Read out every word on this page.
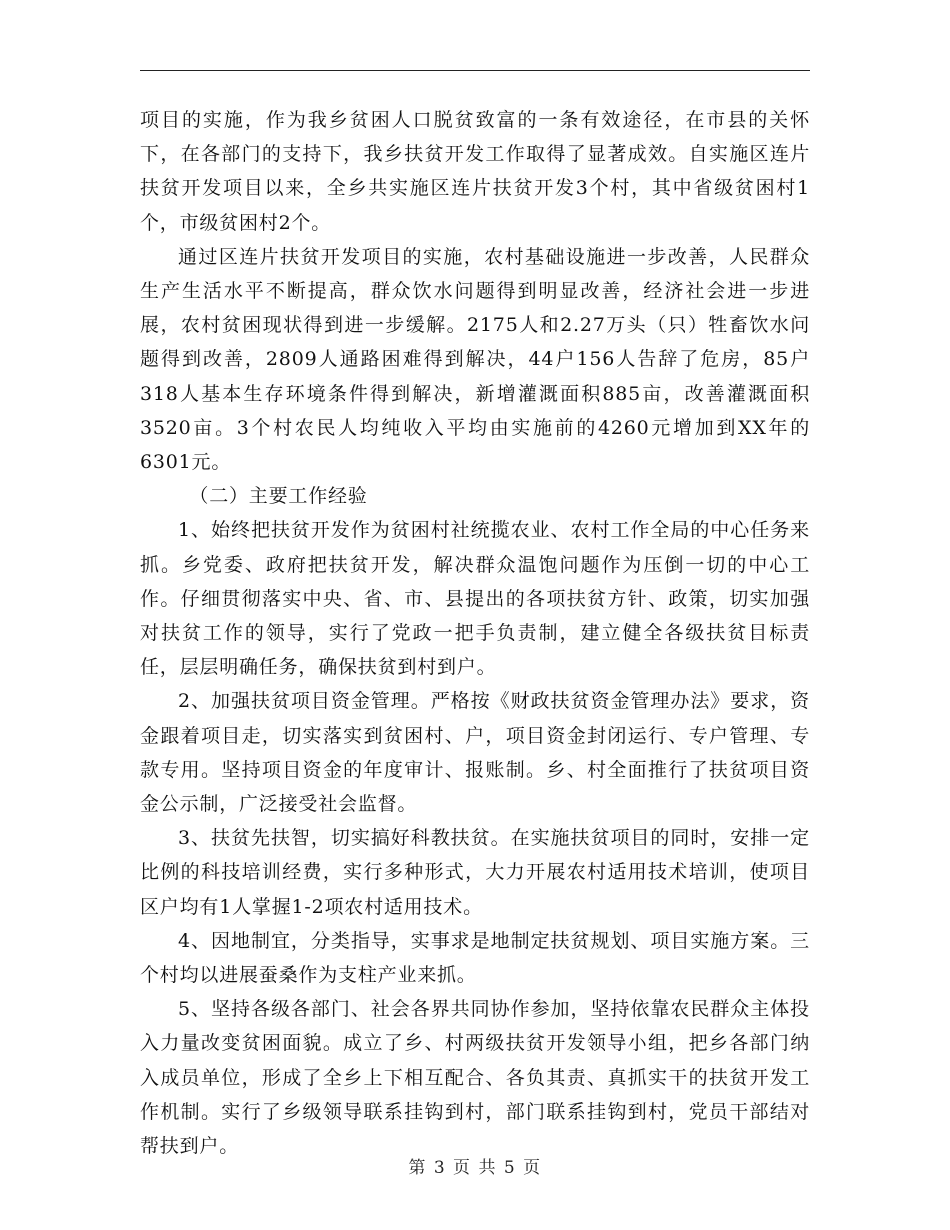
项目的实施，作为我乡贫困人口脱贫致富的一条有效途径，在市县的关怀下，在各部门的支持下，我乡扶贫开发工作取得了显著成效。自实施区连片扶贫开发项目以来，全乡共实施区连片扶贫开发3个村，其中省级贫困村1个，市级贫困村2个。

通过区连片扶贫开发项目的实施，农村基础设施进一步改善，人民群众生产生活水平不断提高，群众饮水问题得到明显改善，经济社会进一步进展，农村贫困现状得到进一步缓解。2175人和2.27万头（只）牲畜饮水问题得到改善，2809人通路困难得到解决，44户156人告辞了危房，85户318人基本生存环境条件得到解决，新增灌溉面积885亩，改善灌溉面积3520亩。3个村农民人均纯收入平均由实施前的4260元增加到XX年的6301元。

（二）主要工作经验

1、始终把扶贫开发作为贫困村社统揽农业、农村工作全局的中心任务来抓。乡党委、政府把扶贫开发，解决群众温饱问题作为压倒一切的中心工作。仔细贯彻落实中央、省、市、县提出的各项扶贫方针、政策，切实加强对扶贫工作的领导，实行了党政一把手负责制，建立健全各级扶贫目标责任，层层明确任务，确保扶贫到村到户。

2、加强扶贫项目资金管理。严格按《财政扶贫资金管理办法》要求，资金跟着项目走，切实落实到贫困村、户，项目资金封闭运行、专户管理、专款专用。坚持项目资金的年度审计、报账制。乡、村全面推行了扶贫项目资金公示制，广泛接受社会监督。

3、扶贫先扶智，切实搞好科教扶贫。在实施扶贫项目的同时，安排一定比例的科技培训经费，实行多种形式，大力开展农村适用技术培训，使项目区户均有1人掌握1-2项农村适用技术。

4、因地制宜，分类指导，实事求是地制定扶贫规划、项目实施方案。三个村均以进展蚕桑作为支柱产业来抓。

5、坚持各级各部门、社会各界共同协作参加，坚持依靠农民群众主体投入力量改变贫困面貌。成立了乡、村两级扶贫开发领导小组，把乡各部门纳入成员单位，形成了全乡上下相互配合、各负其责、真抓实干的扶贫开发工作机制。实行了乡级领导联系挂钩到村，部门联系挂钩到村，党员干部结对帮扶到户。

第 3 页 共 5 页
